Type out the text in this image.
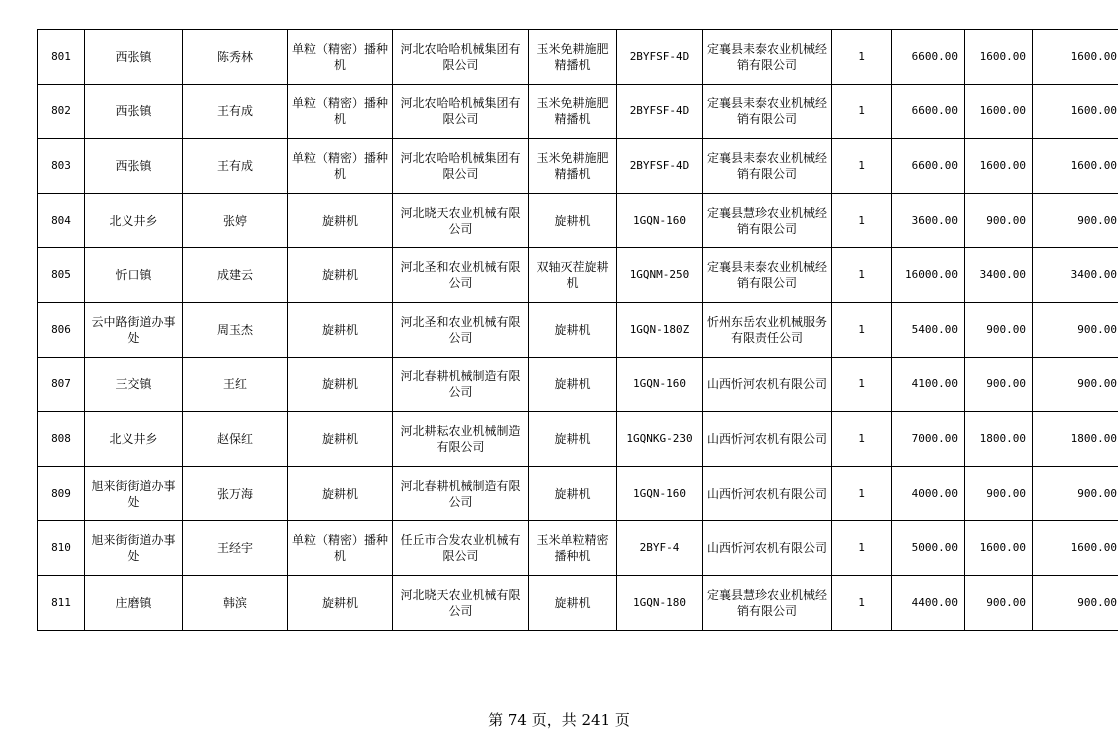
801	西张镇	陈秀林	单粒（精密）播种机	河北农哈哈机械集团有限公司	玉米免耕施肥精播机	2BYFSF-4D	定襄县耒泰农业机械经销有限公司	1	6600.00	1600.00	1600.00
802	西张镇	王有成	单粒（精密）播种机	河北农哈哈机械集团有限公司	玉米免耕施肥精播机	2BYFSF-4D	定襄县耒泰农业机械经销有限公司	1	6600.00	1600.00	1600.00
803	西张镇	王有成	单粒（精密）播种机	河北农哈哈机械集团有限公司	玉米免耕施肥精播机	2BYFSF-4D	定襄县耒泰农业机械经销有限公司	1	6600.00	1600.00	1600.00
804	北义井乡	张婷	旋耕机	河北晓天农业机械有限公司	旋耕机	1GQN-160	定襄县慧珍农业机械经销有限公司	1	3600.00	900.00	900.00
805	忻口镇	成建云	旋耕机	河北圣和农业机械有限公司	双轴灭茬旋耕机	1GQNM-250	定襄县耒泰农业机械经销有限公司	1	16000.00	3400.00	3400.00
806	云中路街道办事处	周玉杰	旋耕机	河北圣和农业机械有限公司	旋耕机	1GQN-180Z	忻州东岳农业机械服务有限责任公司	1	5400.00	900.00	900.00
807	三交镇	王红	旋耕机	河北春耕机械制造有限公司	旋耕机	1GQN-160	山西忻河农机有限公司	1	4100.00	900.00	900.00
808	北义井乡	赵保红	旋耕机	河北耕耘农业机械制造有限公司	旋耕机	1GQNKG-230	山西忻河农机有限公司	1	7000.00	1800.00	1800.00
809	旭来街街道办事处	张万海	旋耕机	河北春耕机械制造有限公司	旋耕机	1GQN-160	山西忻河农机有限公司	1	4000.00	900.00	900.00
810	旭来街街道办事处	王经宇	单粒（精密）播种机	任丘市合发农业机械有限公司	玉米单粒精密播种机	2BYF-4	山西忻河农机有限公司	1	5000.00	1600.00	1600.00
811	庄磨镇	韩滨	旋耕机	河北晓天农业机械有限公司	旋耕机	1GQN-180	定襄县慧珍农业机械经销有限公司	1	4400.00	900.00	900.00
第 74 页，共 241 页
